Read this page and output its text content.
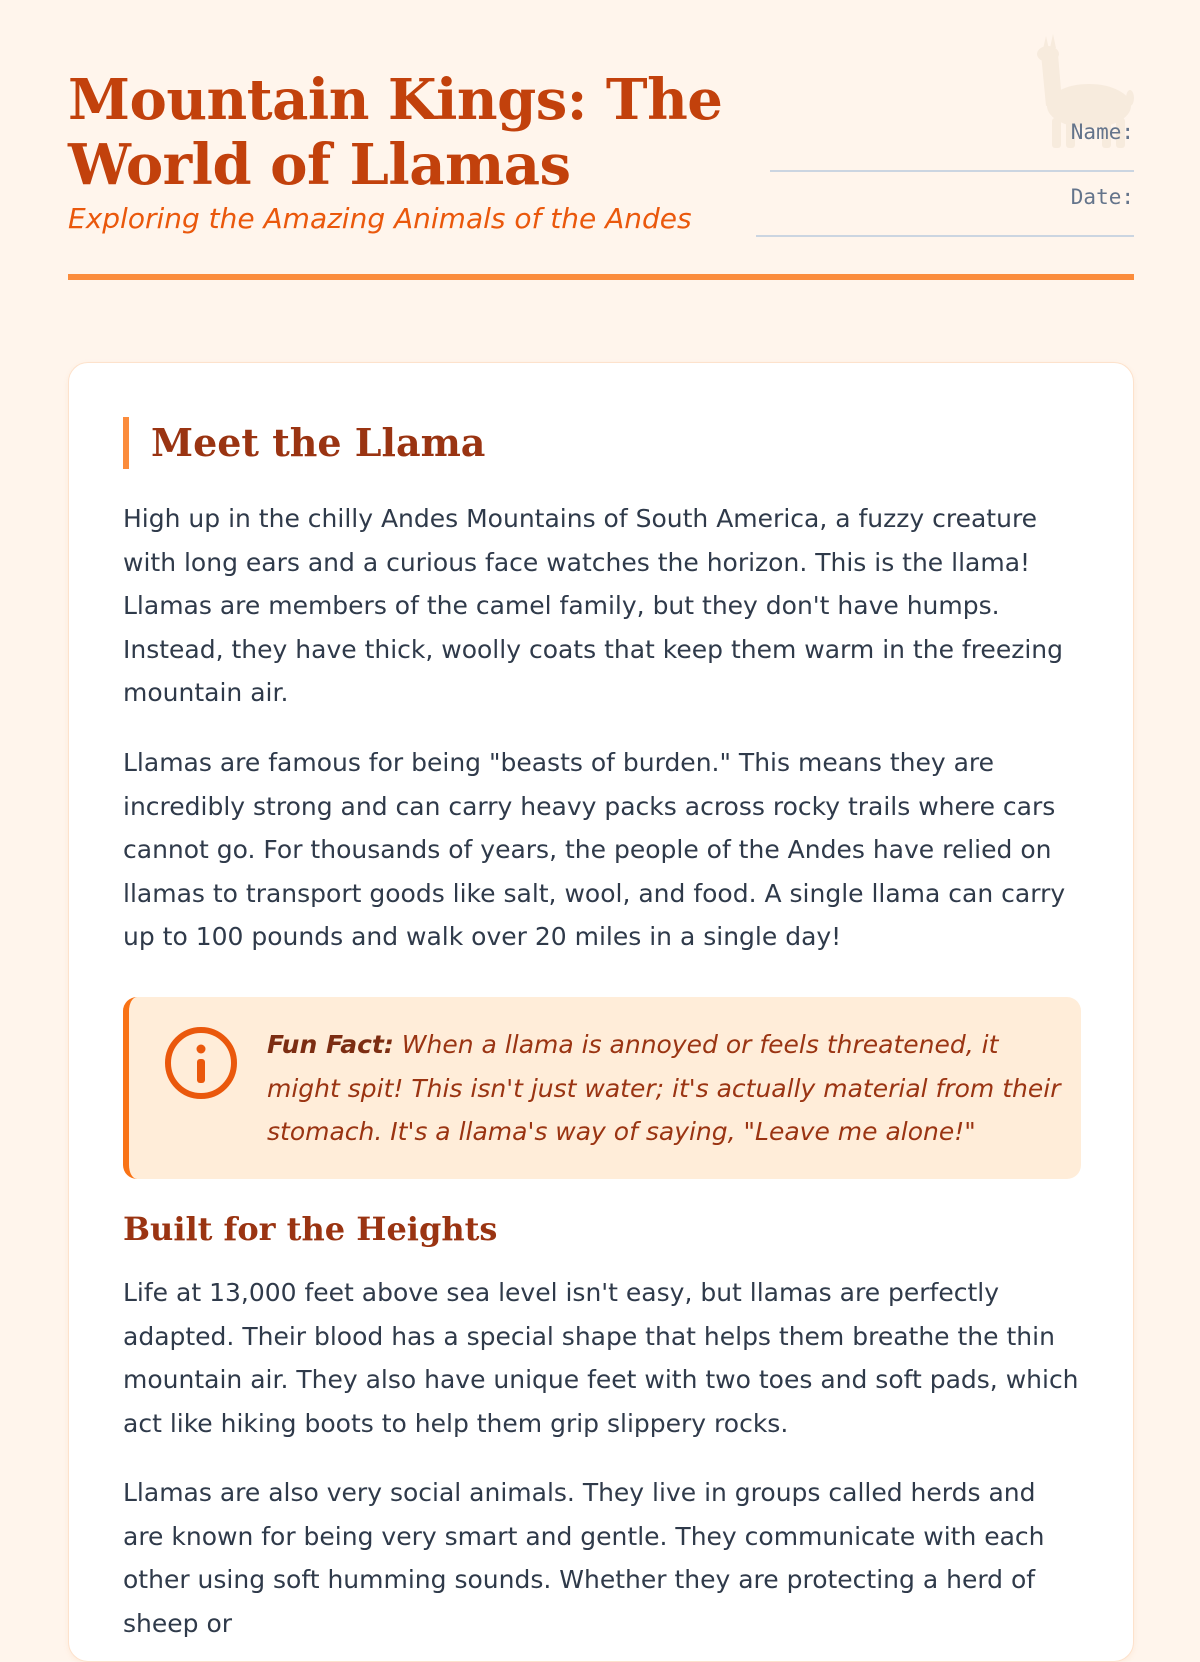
Mountain Kings: The World of Llamas
Exploring the Amazing Animals of the Andes
Name:
Date:
Meet the Llama

High up in the chilly Andes Mountains of South America, a fuzzy creature with long ears and a curious face watches the horizon. This is the llama! Llamas are members of the camel family, but they don't have humps. Instead, they have thick, woolly coats that keep them warm in the freezing mountain air.

Llamas are famous for being "beasts of burden." This means they are incredibly strong and can carry heavy packs across rocky trails where cars cannot go. For thousands of years, the people of the Andes have relied on llamas to transport goods like salt, wool, and food. A single llama can carry up to 100 pounds and walk over 20 miles in a single day!

Fun Fact: When a llama is annoyed or feels threatened, it might spit! This isn't just water; it's actually material from their stomach. It's a llama's way of saying, "Leave me alone!"

Built for the Heights

Life at 13,000 feet above sea level isn't easy, but llamas are perfectly adapted. Their blood has a special shape that helps them breathe the thin mountain air. They also have unique feet with two toes and soft pads, which act like hiking boots to help them grip slippery rocks.

Llamas are also very social animals. They live in groups called herds and are known for being very smart and gentle. They communicate with each other using soft humming sounds. Whether they are protecting a herd of sheep or
